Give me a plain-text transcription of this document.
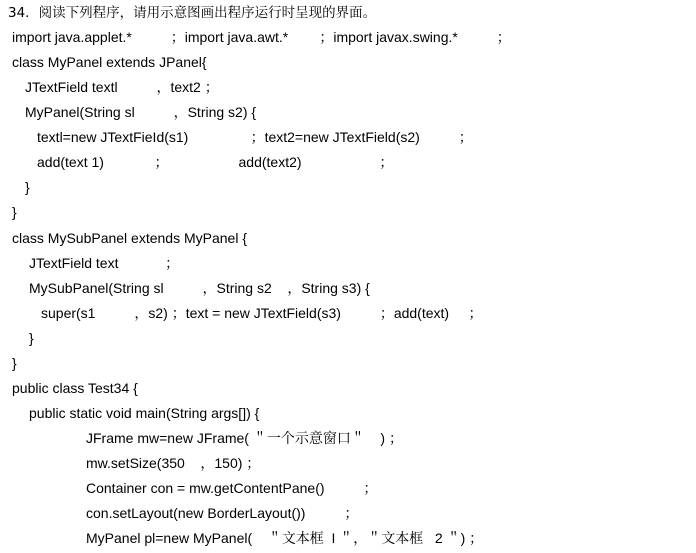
34．阅读下列程序，请用示意图画出程序运行时呈现的界面。
import java.applet.*          ；import java.awt.*        ；import javax.swing.*          ；
class MyPanel extends JPanel{
JTextField textl          ，text2 ；
MyPanel(String sl          ，String s2) {
textl=new JTextFieId(s1)                ；text2=new JTextField(s2)          ；
add(text 1)             ；                  add(text2)                    ；
}
}
class MySubPanel extends MyPanel {
JTextField text            ；
MySubPanel(String sl          ，String s2    ，String s3) {
super(s1          ，s2) ；text = new JTextField(s3)          ；add(text)     ；
}
}
public class Test34 {
public static void main(String args[]) {
JFrame mw=new JFrame( ＂一个示意窗口＂    ) ；
mw.setSize(350    ，150) ；
Container con = mw.getContentPane()          ；
con.setLayout(new BorderLayout())          ；
MyPanel pl=new MyPanel(    ＂文本框  I ＂，＂文本框   2 ＂) ；
